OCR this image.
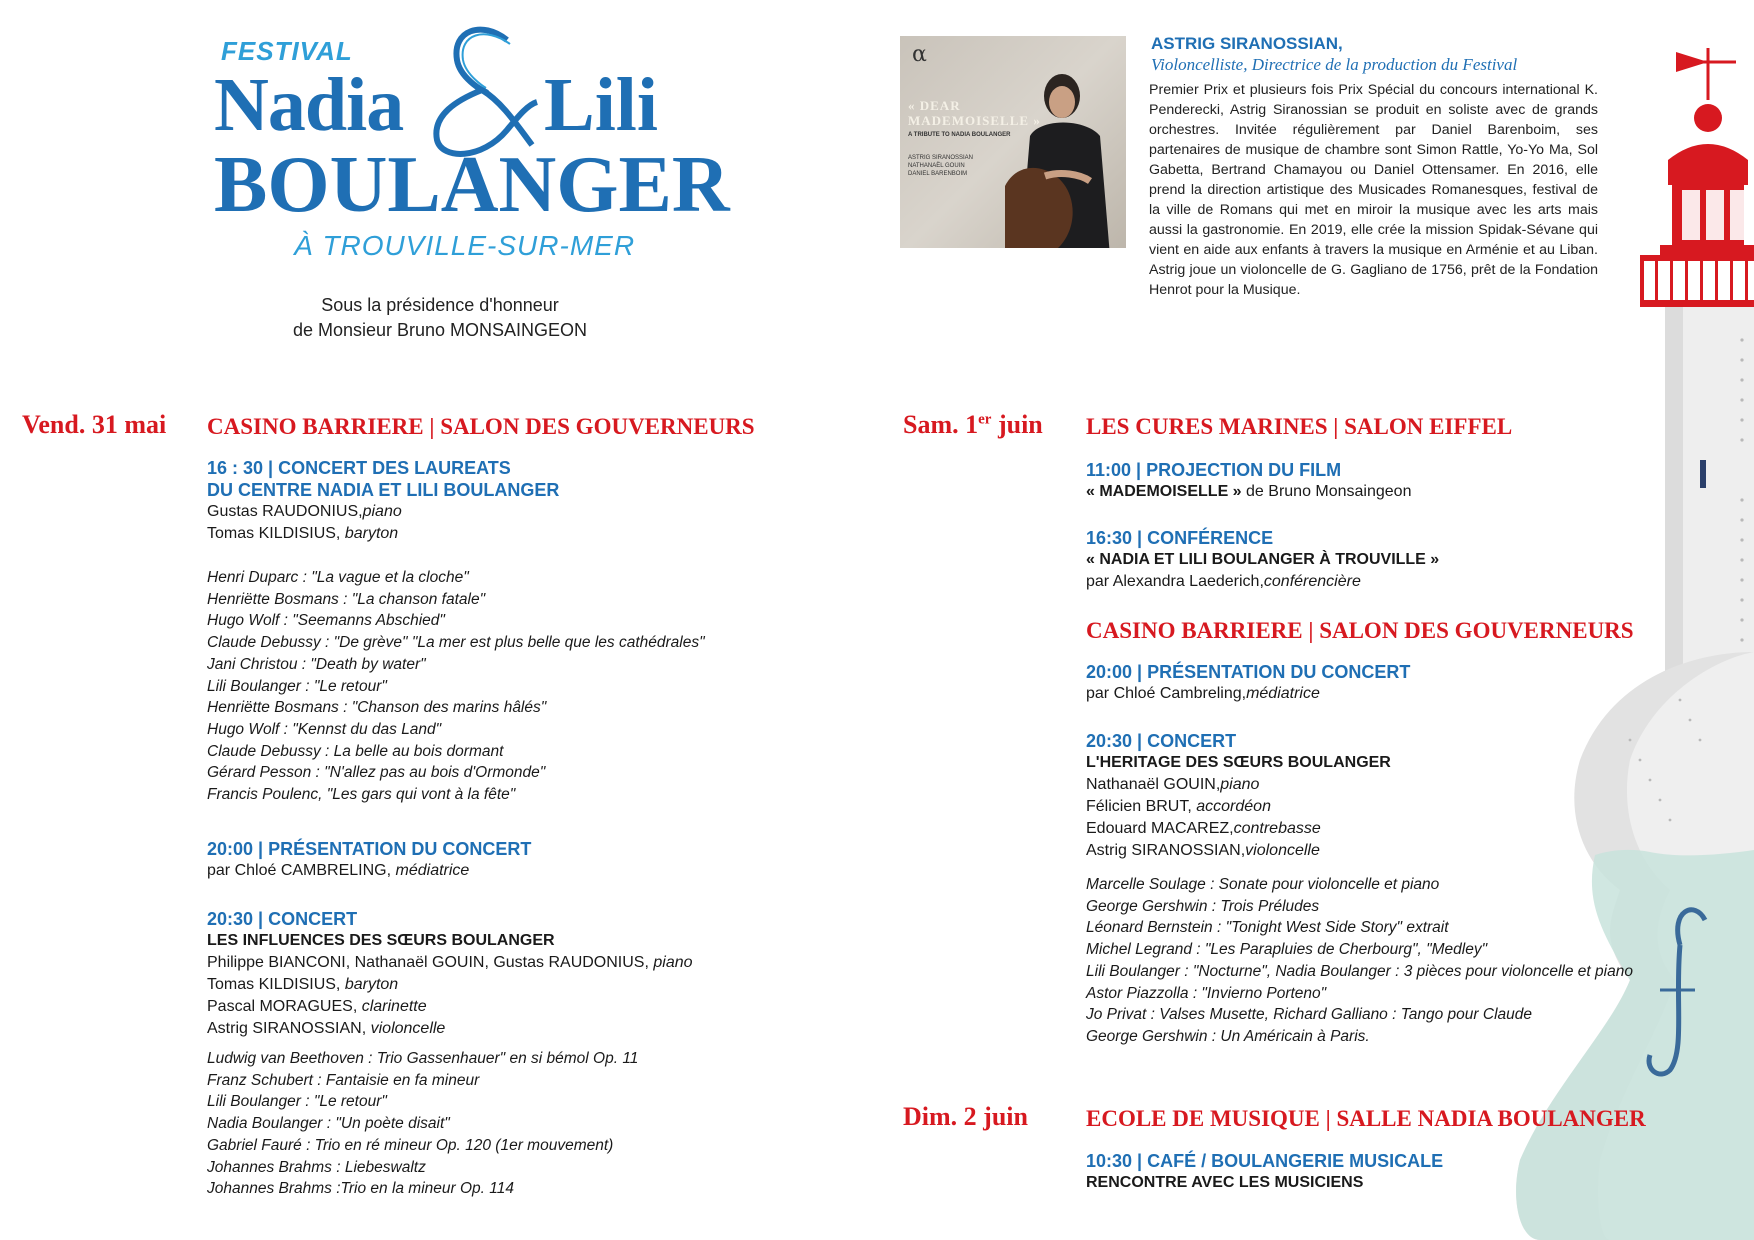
FESTIVAL
Nadia Lili
BOULANGER
À TROUVILLE-SUR-MER
Sous la présidence d'honneur
de Monsieur Bruno MONSAINGEON
α
« DEAR MADEMOISELLE »
A TRIBUTE TO NADIA BOULANGER
ASTRIG SIRANOSSIAN
NATHANAËL GOUIN
DANIEL BARENBOIM
ASTRIG SIRANOSSIAN,
Violoncelliste, Directrice de la production du Festival
Premier Prix et plusieurs fois Prix Spécial du concours international K. Penderecki, Astrig Siranossian se produit en soliste avec de grands orchestres. Invitée régulièrement par Daniel Barenboim, ses partenaires de musique de chambre sont Simon Rattle, Yo-Yo Ma, Sol Gabetta, Bertrand Chamayou ou Daniel Ottensamer. En 2016, elle prend la direction artistique des Musicades Romanesques, festival de la ville de Romans qui met en miroir la musique avec les arts mais aussi la gastronomie. En 2019, elle crée la mission Spidak-Sévane qui vient en aide aux enfants à travers la musique en Arménie et au Liban. Astrig joue un violoncelle de G. Gagliano de 1756, prêt de la Fondation Henrot pour la Musique.
Vend. 31 mai CASINO BARRIERE | SALON DES GOUVERNEURS
16 : 30 | CONCERT DES LAUREATS
DU CENTRE NADIA ET LILI BOULANGER
Gustas RAUDONIUS,piano
Tomas KILDISIUS, baryton
Henri Duparc : "La vague et la cloche"
Henriëtte Bosmans : "La chanson fatale"
Hugo Wolf : "Seemanns Abschied"
Claude Debussy : "De grève" "La mer est plus belle que les cathédrales"
Jani Christou : "Death by water"
Lili Boulanger : "Le retour"
Henriëtte Bosmans : "Chanson des marins hâlés"
Hugo Wolf : "Kennst du das Land"
Claude Debussy : La belle au bois dormant
Gérard Pesson : "N'allez pas au bois d'Ormonde"
Francis Poulenc, "Les gars qui vont à la fête"
20:00 | PRÉSENTATION DU CONCERT
par Chloé CAMBRELING, médiatrice
20:30 | CONCERT
LES INFLUENCES DES SŒURS BOULANGER
Philippe BIANCONI, Nathanaël GOUIN, Gustas RAUDONIUS, piano
Tomas KILDISIUS, baryton
Pascal MORAGUES, clarinette
Astrig SIRANOSSIAN, violoncelle
Ludwig van Beethoven : Trio Gassenhauer" en si bémol Op. 11
Franz Schubert : Fantaisie en fa mineur
Lili Boulanger : "Le retour"
Nadia Boulanger : "Un poète disait"
Gabriel Fauré : Trio en ré mineur Op. 120 (1er mouvement)
Johannes Brahms : Liebeswaltz
Johannes Brahms :Trio en la mineur Op. 114
Sam. 1er juin LES CURES MARINES | SALON EIFFEL
11:00 | PROJECTION DU FILM
« MADEMOISELLE » de Bruno Monsaingeon
16:30 | CONFÉRENCE
« NADIA ET LILI BOULANGER À TROUVILLE »
par Alexandra Laederich,conférencière
CASINO BARRIERE | SALON DES GOUVERNEURS
20:00 | PRÉSENTATION DU CONCERT
par Chloé Cambreling,médiatrice
20:30 | CONCERT
L'HERITAGE DES SŒURS BOULANGER
Nathanaël GOUIN,piano
Félicien BRUT, accordéon
Edouard MACAREZ,contrebasse
Astrig SIRANOSSIAN,violoncelle
Marcelle Soulage : Sonate pour violoncelle et piano
George Gershwin : Trois Préludes
Léonard Bernstein : "Tonight West Side Story" extrait
Michel Legrand : "Les Parapluies de Cherbourg", "Medley"
Lili Boulanger : "Nocturne", Nadia Boulanger : 3 pièces pour violoncelle et piano
Astor Piazzolla : "Invierno Porteno"
Jo Privat : Valses Musette, Richard Galliano : Tango pour Claude
George Gershwin : Un Américain à Paris.
Dim. 2 juin	ECOLE DE MUSIQUE | SALLE NADIA BOULANGER
10:30 | CAFÉ / BOULANGERIE MUSICALE
RENCONTRE AVEC LES MUSICIENS
